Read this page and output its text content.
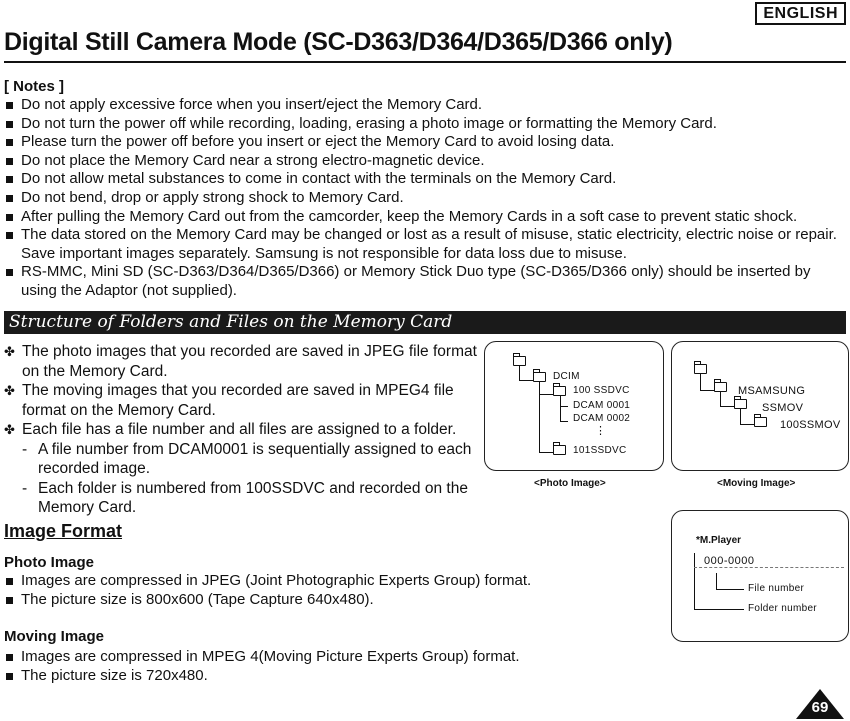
ENGLISH
Digital Still Camera Mode (SC-D363/D364/D365/D366 only)
[ Notes ]
Do not apply excessive force when you insert/eject the Memory Card.
Do not turn the power off while recording, loading, erasing a photo image or formatting the Memory Card.
Please turn the power off before you insert or eject the Memory Card to avoid losing data.
Do not place the Memory Card near a strong electro-magnetic device.
Do not allow metal substances to come in contact with the terminals on the Memory Card.
Do not bend, drop or apply strong shock to Memory Card.
After pulling the Memory Card out from the camcorder, keep the Memory Cards in a soft case to prevent static shock.
The data stored on the Memory Card may be changed or lost as a result of misuse, static electricity, electric noise or repair. Save important images separately. Samsung is not responsible for data loss due to misuse.
RS-MMC, Mini SD (SC-D363/D364/D365/D366) or Memory Stick Duo type (SC-D365/D366 only) should be inserted by using the Adaptor (not supplied).
Structure of Folders and Files on the Memory Card
✤ The photo images that you recorded are saved in JPEG file format on the Memory Card.
✤ The moving images that you recorded are saved in MPEG4 file format on the Memory Card.
✤ Each file has a file number and all files are assigned to a folder.
- A file number from DCAM0001 is sequentially assigned to each recorded image.
- Each folder is numbered from 100SSDVC and recorded on the Memory Card.
DCIM
100 SSDVC
DCAM 0001
DCAM 0002
⋮
101SSDVC
<Photo Image>
MSAMSUNG
SSMOV
100SSMOV
<Moving Image>
Image Format
Photo Image
Images are compressed in JPEG (Joint Photographic Experts Group) format.
The picture size is 800x600 (Tape Capture 640x480).
Moving Image
Images are compressed in MPEG 4(Moving Picture Experts Group) format.
The picture size is 720x480.
*M.Player
000-0000
File number
Folder number
69
